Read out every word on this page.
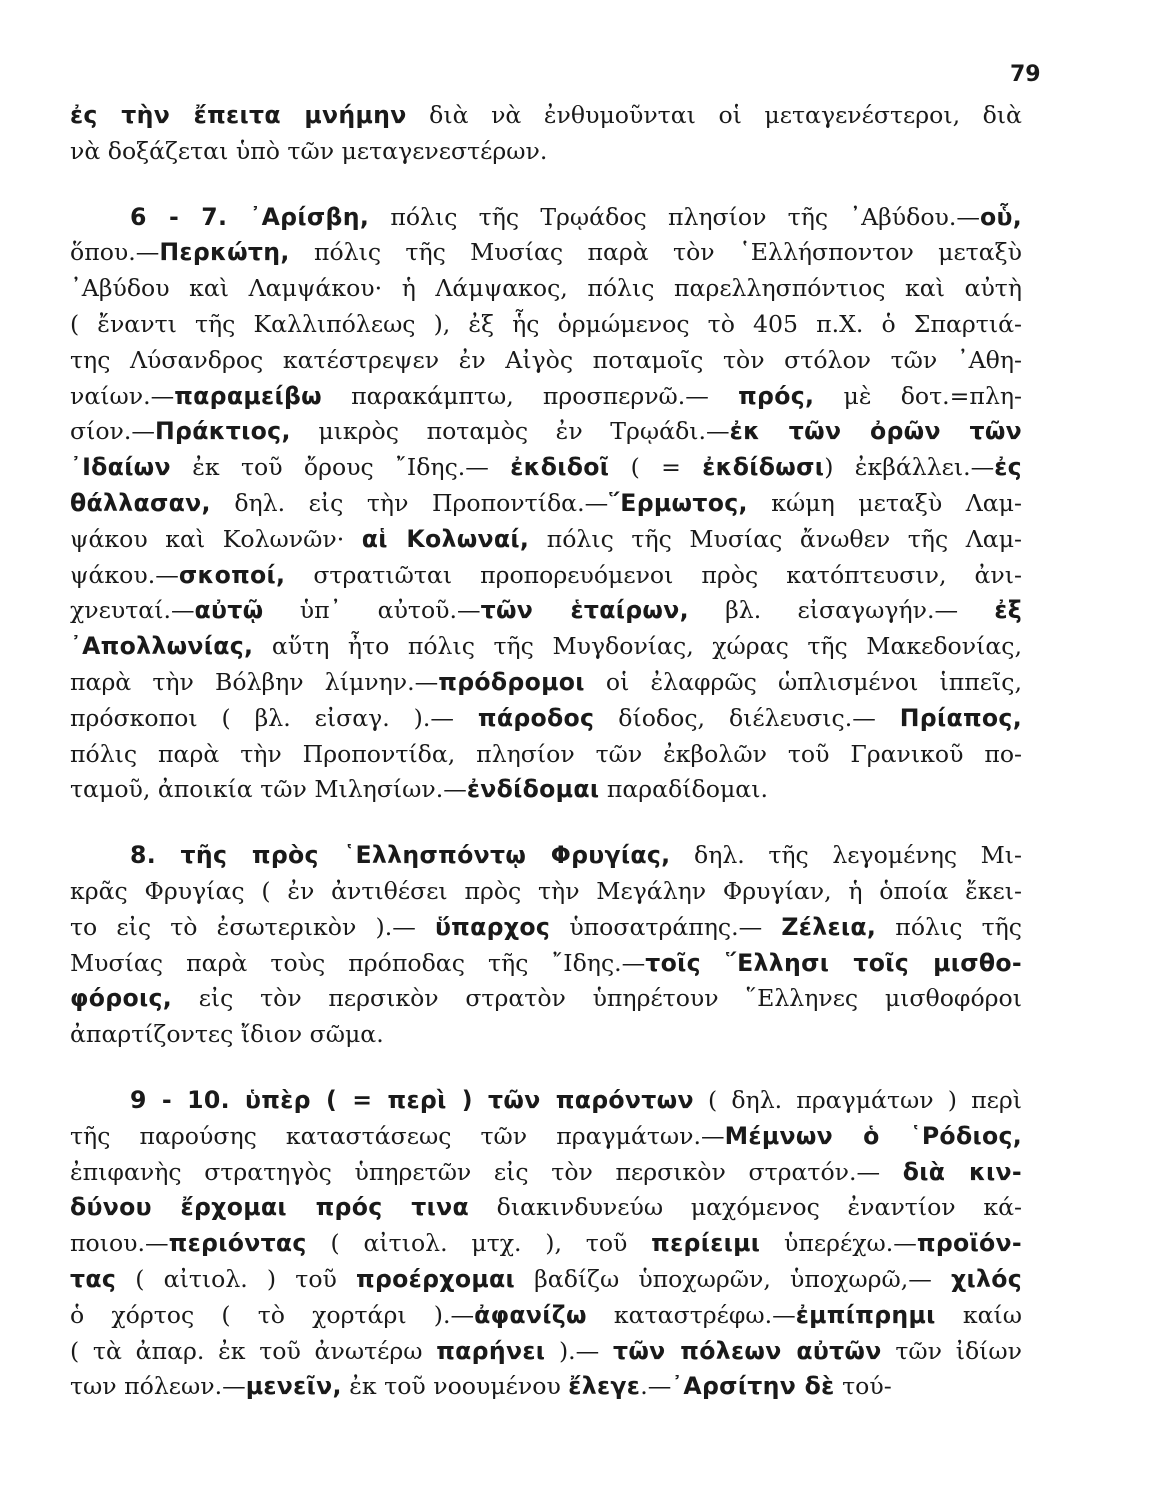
79
ἐς τὴν ἔπειτα μνήμην διὰ νὰ ἐνθυμοῦνται οἱ μεταγενέστεροι, διὰ
νὰ δοξάζεται ὑπὸ τῶν μεταγενεστέρων.
6 - 7. ᾿Αρίσβη, πόλις τῆς Τρῳάδος πλησίον τῆς ᾿Αβύδου.—οὗ,
ὅπου.—Περκώτη, πόλις τῆς Μυσίας παρὰ τὸν ῾Ελλήσποντον μεταξὺ
᾿Αβύδου καὶ Λαμψάκου· ἡ Λάμψακος, πόλις παρελλησπόντιος καὶ αὐτὴ
( ἔναντι τῆς Καλλιπόλεως ), ἐξ ἧς ὁρμώμενος τὸ 405 π.Χ. ὁ Σπαρτιά-
της Λύσανδρος κατέστρεψεν ἐν Αἰγὸς ποταμοῖς τὸν στόλον τῶν ᾿Αθη-
ναίων.—παραμείβω παρακάμπτω, προσπερνῶ.— πρός, μὲ δοτ.=πλη-
σίον.—Πράκτιος, μικρὸς ποταμὸς ἐν Τρῳάδι.—ἐκ τῶν ὀρῶν τῶν
᾿Ιδαίων ἐκ τοῦ ὄρους ῎Ιδης.— ἐκδιδοῖ ( = ἐκδίδωσι) ἐκβάλλει.—ἐς
θάλλασαν, δηλ. εἰς τὴν Προποντίδα.—῞Ερμωτος, κώμη μεταξὺ Λαμ-
ψάκου καὶ Κολωνῶν· αἱ Κολωναί, πόλις τῆς Μυσίας ἄνωθεν τῆς Λαμ-
ψάκου.—σκοποί, στρατιῶται προπορευόμενοι πρὸς κατόπτευσιν, ἀνι-
χνευταί.—αὐτῷ ὑπ᾿ αὐτοῦ.—τῶν ἑταίρων, βλ. εἰσαγωγήν.— ἐξ
᾿Απολλωνίας, αὕτη ἦτο πόλις τῆς Μυγδονίας, χώρας τῆς Μακεδονίας,
παρὰ τὴν Βόλβην λίμνην.—πρόδρομοι οἱ ἐλαφρῶς ὡπλισμένοι ἱππεῖς,
πρόσκοποι ( βλ. εἰσαγ. ).— πάροδος δίοδος, διέλευσις.— Πρίαπος,
πόλις παρὰ τὴν Προποντίδα, πλησίον τῶν ἐκβολῶν τοῦ Γρανικοῦ πο-
ταμοῦ, ἀποικία τῶν Μιλησίων.—ἐνδίδομαι παραδίδομαι.
8. τῆς πρὸς ῾Ελλησπόντῳ Φρυγίας, δηλ. τῆς λεγομένης Μι-
κρᾶς Φρυγίας ( ἐν ἀντιθέσει πρὸς τὴν Μεγάλην Φρυγίαν, ἡ ὁποία ἔκει-
το εἰς τὸ ἐσωτερικὸν ).— ὕπαρχος ὑποσατράπης.— Ζέλεια, πόλις τῆς
Μυσίας παρὰ τοὺς πρόποδας τῆς ῎Ιδης.—τοῖς ῞Ελλησι τοῖς μισθο-
φόροις, εἰς τὸν περσικὸν στρατὸν ὑπηρέτουν ῞Ελληνες μισθοφόροι
ἀπαρτίζοντες ἴδιον σῶμα.
9 - 10. ὑπὲρ ( = περὶ ) τῶν παρόντων ( δηλ. πραγμάτων ) περὶ
τῆς παρούσης καταστάσεως τῶν πραγμάτων.—Μέμνων ὁ ῾Ρόδιος,
ἐπιφανὴς στρατηγὸς ὑπηρετῶν εἰς τὸν περσικὸν στρατόν.— διὰ κιν-
δύνου ἔρχομαι πρός τινα διακινδυνεύω μαχόμενος ἐναντίον κά-
ποιου.—περιόντας ( αἰτιολ. μτχ. ), τοῦ περίειμι ὑπερέχω.—προϊόν-
τας ( αἰτιολ. ) τοῦ προέρχομαι βαδίζω ὑποχωρῶν, ὑποχωρῶ,— χιλός
ὁ χόρτος ( τὸ χορτάρι ).—ἀφανίζω καταστρέφω.—ἐμπίπρημι καίω
( τὰ ἀπαρ. ἐκ τοῦ ἀνωτέρω παρήνει ).— τῶν πόλεων αὐτῶν τῶν ἰδίων
των πόλεων.—μενεῖν, ἐκ τοῦ νοουμένου ἔλεγε.—᾿Αρσίτην δὲ τού-
